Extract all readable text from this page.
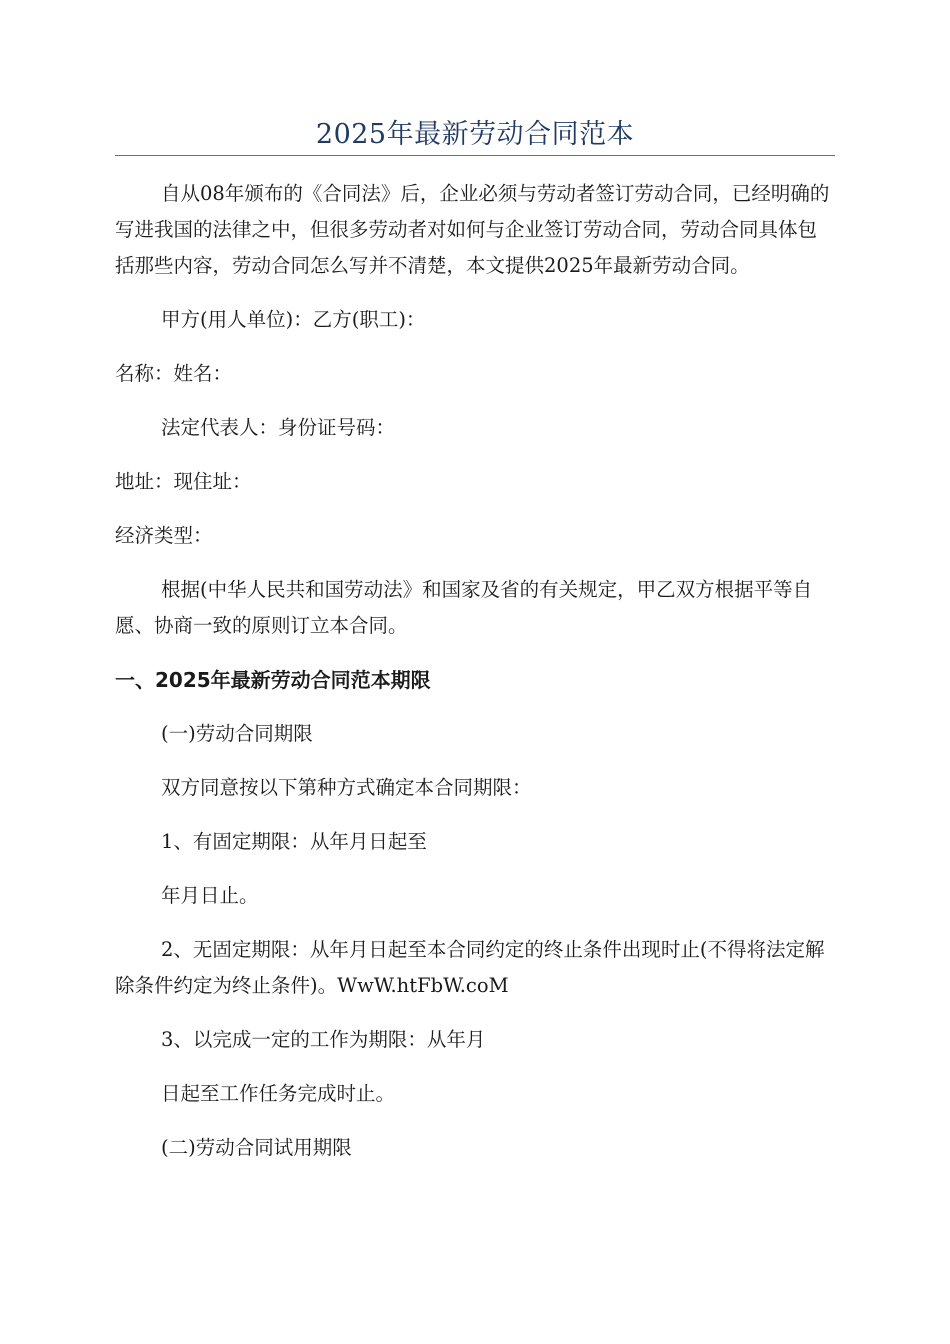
2025年最新劳动合同范本

自从08年颁布的《合同法》后，企业必须与劳动者签订劳动合同，已经明确的写进我国的法律之中，但很多劳动者对如何与企业签订劳动合同，劳动合同具体包括那些内容，劳动合同怎么写并不清楚，本文提供2025年最新劳动合同。

甲方(用人单位)：乙方(职工)：

名称：姓名：

法定代表人：身份证号码：

地址：现住址：

经济类型：

根据(中华人民共和国劳动法》和国家及省的有关规定，甲乙双方根据平等自愿、协商一致的原则订立本合同。

一、2025年最新劳动合同范本期限

(一)劳动合同期限

双方同意按以下第种方式确定本合同期限：

1、有固定期限：从年月日起至

年月日止。

2、无固定期限：从年月日起至本合同约定的终止条件出现时止(不得将法定解除条件约定为终止条件)。WwW.htFbW.coM

3、以完成一定的工作为期限：从年月

日起至工作任务完成时止。

(二)劳动合同试用期限
